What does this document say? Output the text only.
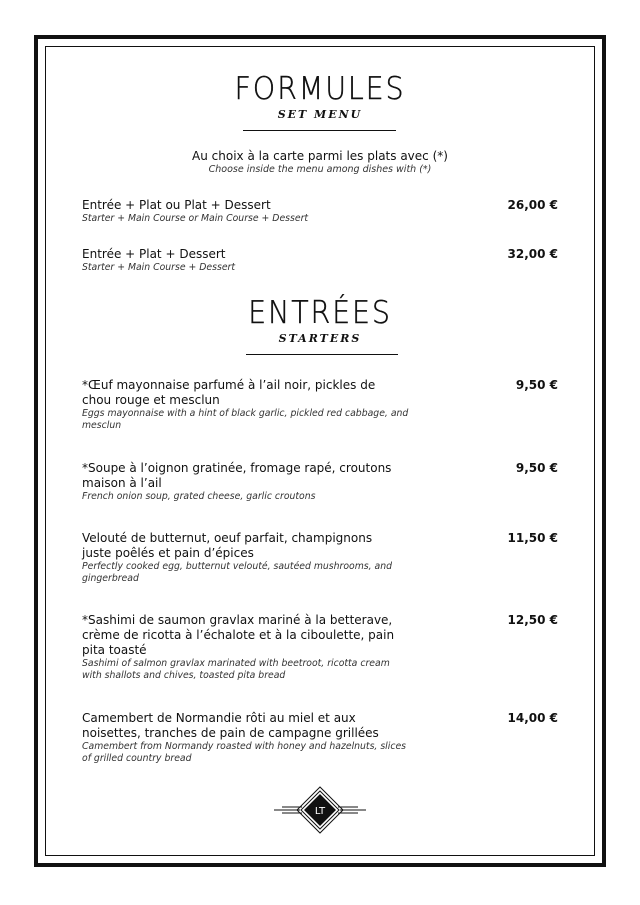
FORMULES
SET MENU
Au choix à la carte parmi les plats avec (*)
Choose inside the menu among dishes with (*)
Entrée + Plat ou Plat + Dessert
Starter + Main Course or Main Course + Dessert
26,00 €
Entrée + Plat + Dessert
Starter + Main Course + Dessert
32,00 €
ENTRÉES
STARTERS
*Œuf mayonnaise parfumé à l’ail noir, pickles de chou rouge et mesclun
Eggs mayonnaise with a hint of black garlic, pickled red cabbage, and mesclun
9,50 €
*Soupe à l’oignon gratinée, fromage rapé, croutons maison à l’ail
French onion soup, grated cheese, garlic croutons
9,50 €
Velouté de butternut, oeuf parfait, champignons juste poêlés et pain d’épices
Perfectly cooked egg, butternut velouté, sautéed mushrooms, and gingerbread
11,50 €
*Sashimi de saumon gravlax mariné à la betterave, crème de ricotta à l’échalote et à la ciboulette, pain pita toasté
Sashimi of salmon gravlax marinated with beetroot, ricotta cream with shallots and chives, toasted pita bread
12,50 €
Camembert de Normandie rôti au miel et aux noisettes, tranches de pain de campagne grillées
Camembert from Normandy roasted with honey and hazelnuts, slices of grilled country bread
14,00 €
LT
